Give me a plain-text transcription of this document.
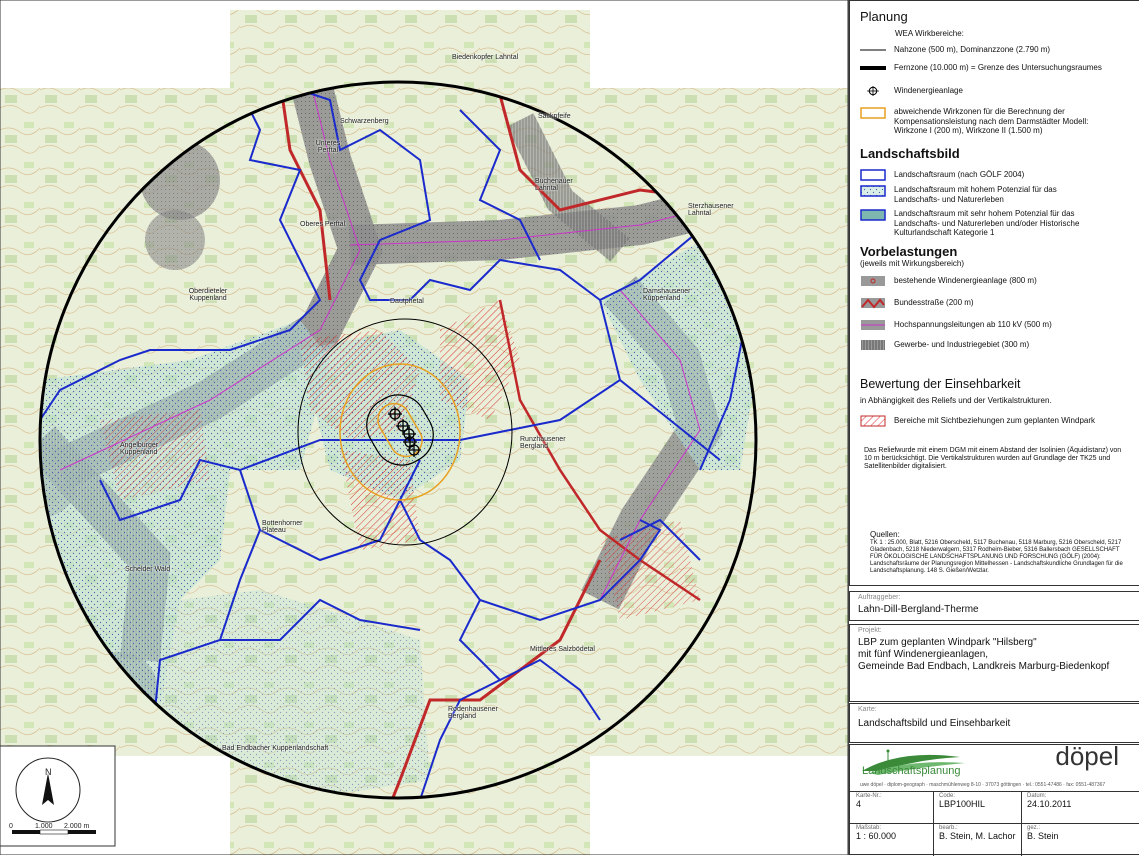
N
0	1.000 2.000 m
Biedenkopfer Lahntal
Schwarzenberg
Sackpfeife
Unteres Perftal
Buchenauer Lahntal
Sterzhausener Lahntal
Oberes Perftal
Oberdieteler Kuppenland	Dautphetal
Damshausener Kuppenland
Angelburger Kuppenland
Runzhausener Bergland
Bottenhorner Plateau
Schelder Wald
Mittleres Salzbödetal
Rodenhausener Bergland
Bad Endbacher Kuppenlandschaft
Planung
WEA Wirkbereiche:
Nahzone (500 m), Dominanzzone (2.790 m)
Fernzone (10.000 m) = Grenze des Untersuchungsraumes
Windenergieanlage
abweichende Wirkzonen für die Berechnung der Kompensationsleistung nach dem Darmstädter Modell: Wirkzone I (200 m), Wirkzone II (1.500 m)
Landschaftsbild
Landschaftsraum (nach GÖLF 2004)
Landschaftsraum mit hohem Potenzial für das Landschafts- und Naturerleben
Landschaftsraum mit sehr hohem Potenzial für das Landschafts- und Naturerleben und/oder Historische Kulturlandschaft Kategorie 1
Vorbelastungen
(jeweils mit Wirkungsbereich)
bestehende Windenergieanlage (800 m)
Bundesstraße (200 m)
Hochspannungsleitungen ab 110 kV (500 m)
Gewerbe- und Industriegebiet (300 m)
Bewertung der Einsehbarkeit
in Abhängigkeit des Reliefs und der Vertikalstrukturen.
Bereiche mit Sichtbeziehungen zum geplanten Windpark
Das Reliefwurde mit einem DGM mit einem Abstand der Isolinien (Äquidistanz) von 10 m berücksichtigt. Die Vertikalstrukturen wurden auf Grundlage der TK25 und Satellitenbilder digitalisiert.
Quellen:
TK 1 : 25.000, Blatt, 5216 Oberscheld, 5117 Buchenau, 5118 Marburg, 5216 Oberscheld, 5217 Gladenbach, 5218 Niederwalgern, 5317 Rodheim-Bieber, 5316 Ballersbach GESELLSCHAFT FÜR ÖKOLOGISCHE LANDSCHAFTSPLANUNG UND FORSCHUNG (GÖLF) (2004): Landschaftsräume der Planungsregion Mittelhessen - Landschaftskundliche Grundlagen für die Landschaftsplanung. 148 S. Gießen/Wetzlar.
Auftraggeber:
Lahn-Dill-Bergland-Therme
Projekt:
LBP zum geplanten Windpark "Hilsberg"
mit fünf Windenergieanlagen,
Gemeinde Bad Endbach, Landkreis Marburg-Biedenkopf
Karte:
Landschaftsbild und Einsehbarkeit
Landschaftsplanung	döpel
uwe döpel · diplom-geograph · maschmühlenweg 8-10 · 37073 göttingen · tel.: 0551-47486 · fax: 0551-487367
Karte-Nr.:
4
Code:
LBP100HIL
Datum:
24.10.2011
Maßstab:
1 : 60.000
bearb.:
B. Stein, M. Lachor
gez.:
B. Stein
